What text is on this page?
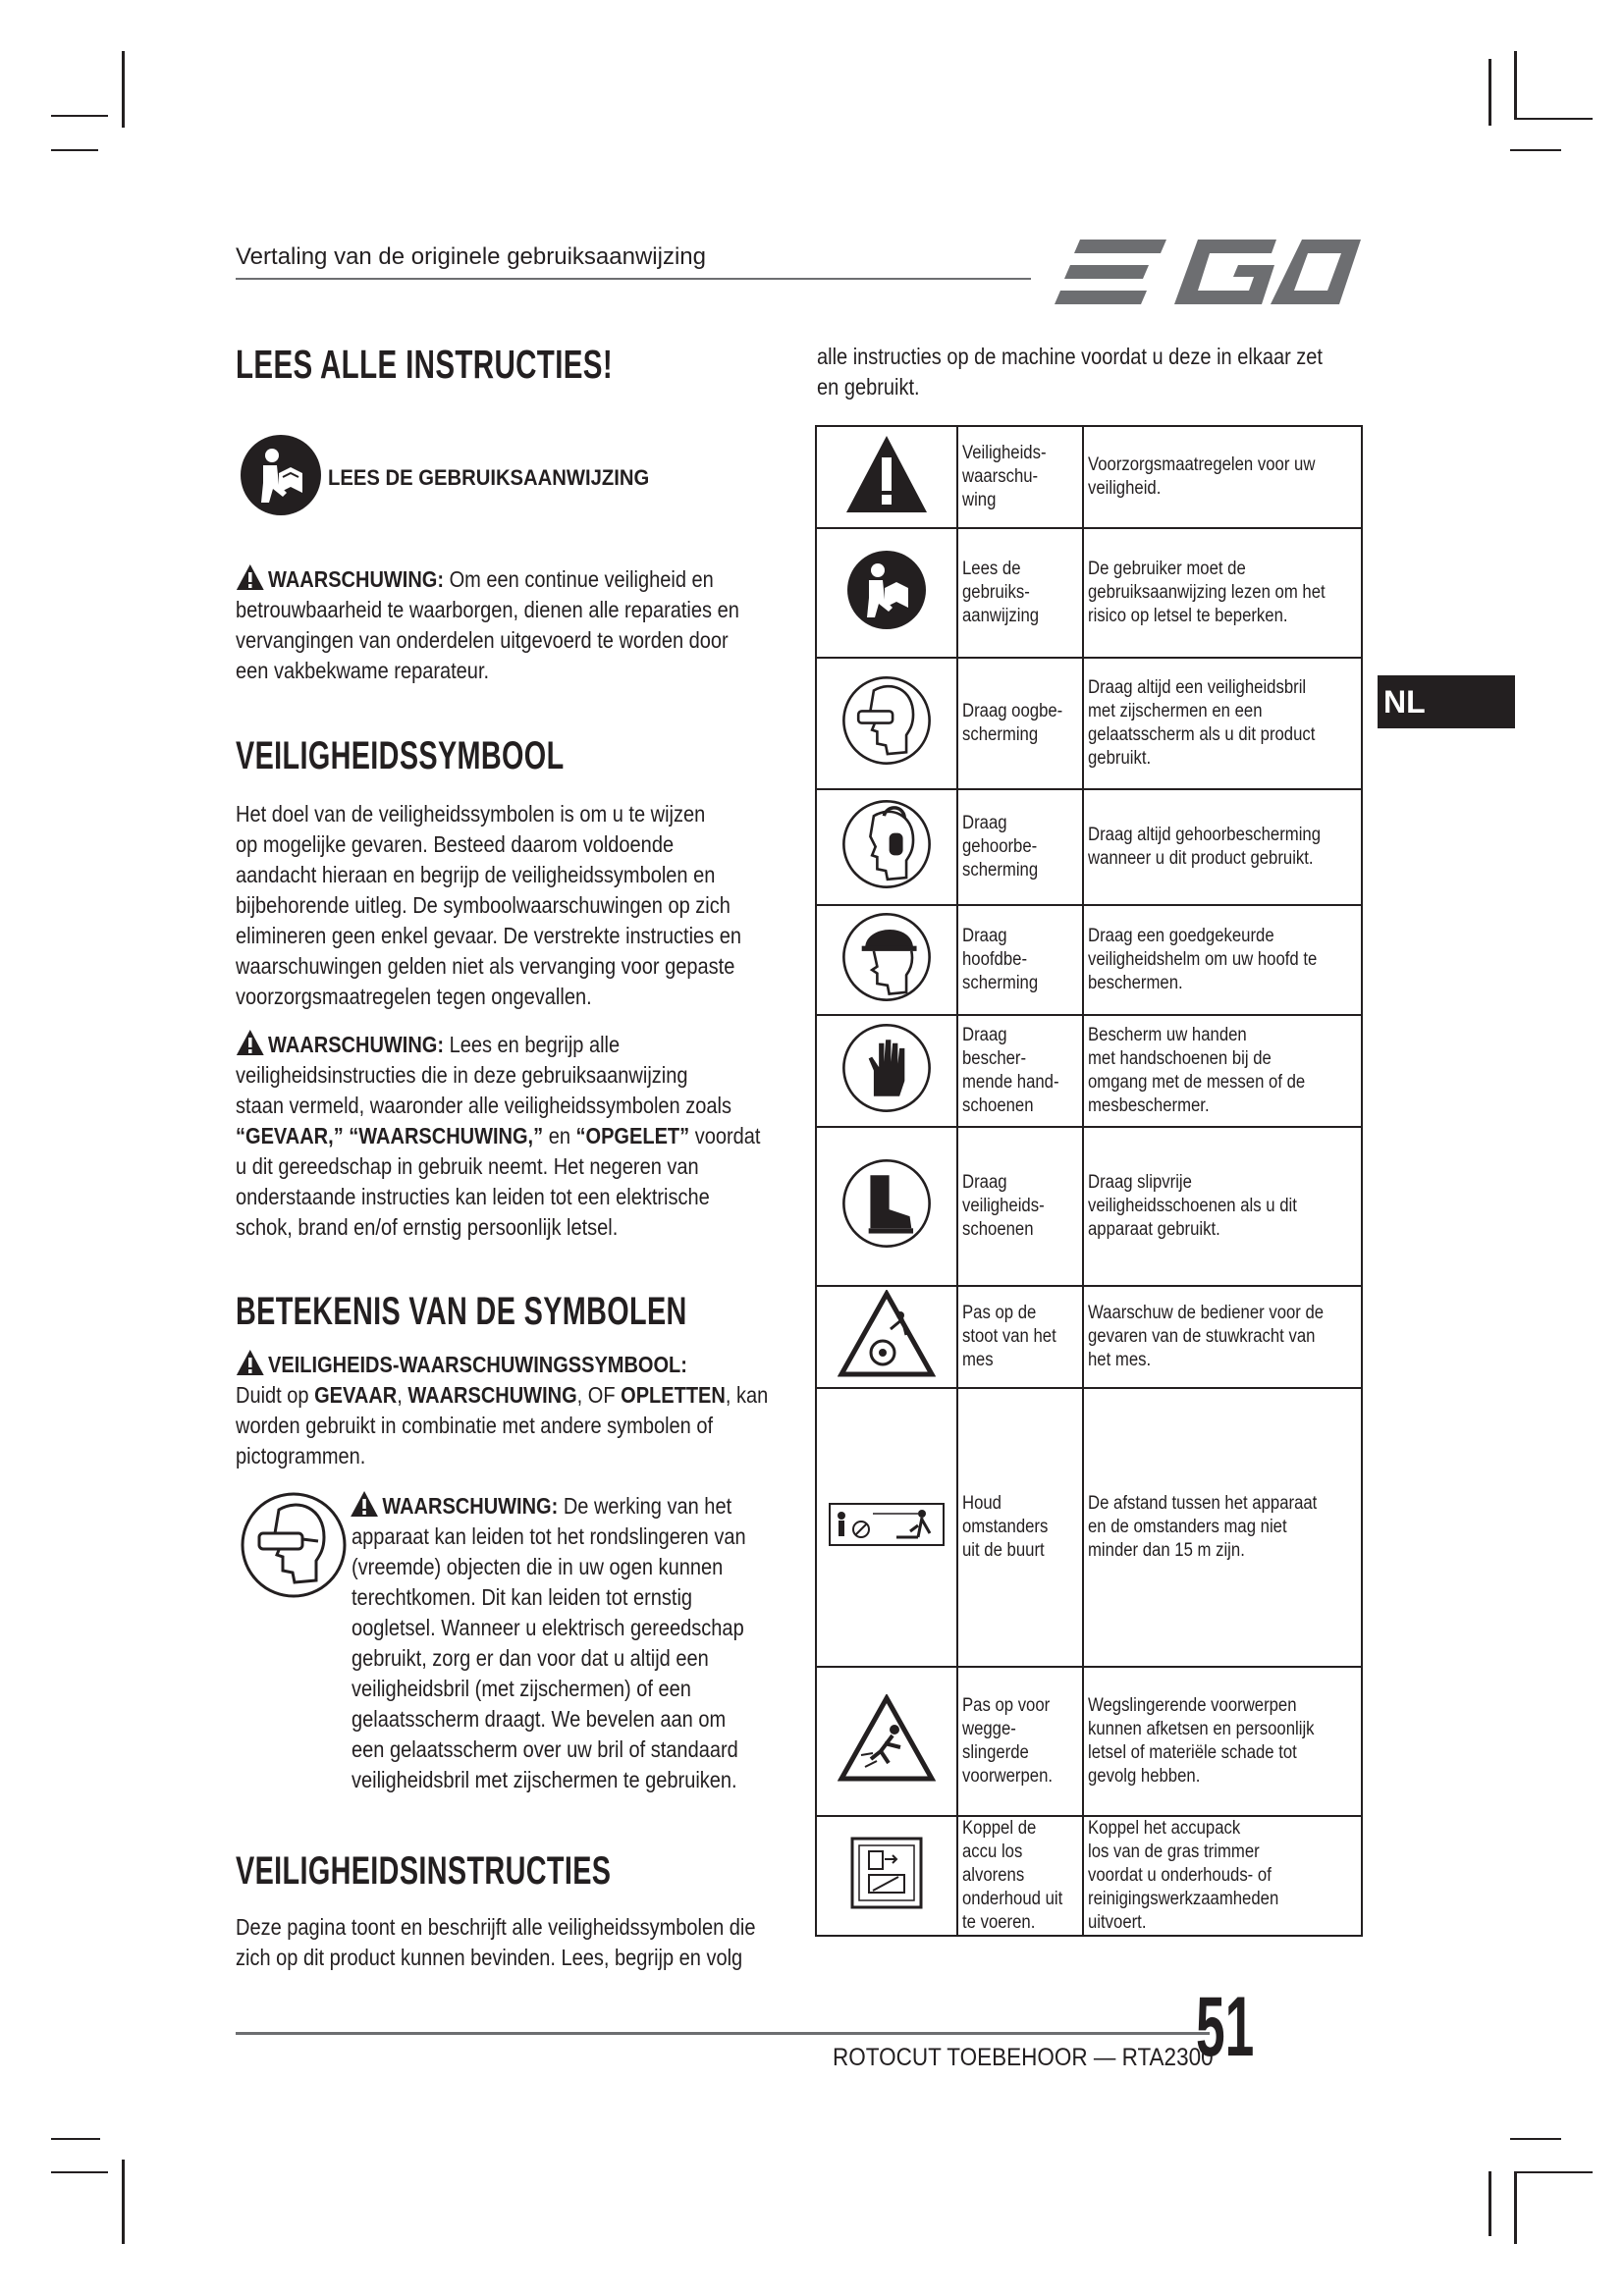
Vertaling van de originele gebruiksaanwijzing
LEES ALLE INSTRUCTIES!
LEES DE GEBRUIKSAANWIJZING
WAARSCHUWING: Om een continue veiligheid en
betrouwbaarheid te waarborgen, dienen alle reparaties en
vervangingen van onderdelen uitgevoerd te worden door
een vakbekwame reparateur.
VEILIGHEIDSSYMBOOL
Het doel van de veiligheidssymbolen is om u te wijzen
op mogelijke gevaren. Besteed daarom voldoende
aandacht hieraan en begrijp de veiligheidssymbolen en
bijbehorende uitleg. De symboolwaarschuwingen op zich
elimineren geen enkel gevaar. De verstrekte instructies en
waarschuwingen gelden niet als vervanging voor gepaste
voorzorgsmaatregelen tegen ongevallen.
WAARSCHUWING: Lees en begrijp alle
veiligheidsinstructies die in deze gebruiksaanwijzing
staan vermeld, waaronder alle veiligheidssymbolen zoals
“GEVAAR,” “WAARSCHUWING,” en “OPGELET” voordat
u dit gereedschap in gebruik neemt. Het negeren van
onderstaande instructies kan leiden tot een elektrische
schok, brand en/of ernstig persoonlijk letsel.
BETEKENIS VAN DE SYMBOLEN
VEILIGHEIDS-WAARSCHUWINGSSYMBOOL:
Duidt op GEVAAR, WAARSCHUWING, OF OPLETTEN, kan
worden gebruikt in combinatie met andere symbolen of
pictogrammen.
WAARSCHUWING: De werking van het
apparaat kan leiden tot het rondslingeren van
(vreemde) objecten die in uw ogen kunnen
terechtkomen. Dit kan leiden tot ernstig
oogletsel. Wanneer u elektrisch gereedschap
gebruikt, zorg er dan voor dat u altijd een
veiligheidsbril (met zijschermen) of een
gelaatsscherm draagt. We bevelen aan om
een gelaatsscherm over uw bril of standaard
veiligheidsbril met zijschermen te gebruiken.
VEILIGHEIDSINSTRUCTIES
Deze pagina toont en beschrijft alle veiligheidssymbolen die
zich op dit product kunnen bevinden. Lees, begrijp en volg
alle instructies op de machine voordat u deze in elkaar zet
en gebruikt.

Veiligheids-
waarschu-
wing	Voorzorgsmaatregelen voor uw
veiligheid.

Lees de
gebruiks-
aanwijzing	De gebruiker moet de
gebruiksaanwijzing lezen om het
risico op letsel te beperken.

Draag oogbe-
scherming	Draag altijd een veiligheidsbril
met zijschermen en een
gelaatsscherm als u dit product
gebruikt.

Draag
gehoorbe-
scherming	Draag altijd gehoorbescherming
wanneer u dit product gebruikt.

Draag
hoofdbe-
scherming	Draag een goedgekeurde
veiligheidshelm om uw hoofd te
beschermen.

Draag
bescher-
mende hand-
schoenen	Bescherm uw handen
met handschoenen bij de
omgang met de messen of de
mesbeschermer.

Draag
veiligheids-
schoenen	Draag slipvrije
veiligheidsschoenen als u dit
apparaat gebruikt.

Pas op de
stoot van het
mes	Waarschuw de bediener voor de
gevaren van de stuwkracht van
het mes.

Houd
omstanders
uit de buurt	De afstand tussen het apparaat
en de omstanders mag niet
minder dan 15 m zijn.

Pas op voor
wegge-
slingerde
voorwerpen.	Wegslingerende voorwerpen
kunnen afketsen en persoonlijk
letsel of materiële schade tot
gevolg hebben.

Koppel de
accu los
alvorens
onderhoud uit
te voeren.	Koppel het accupack
los van de gras trimmer
voordat u onderhouds- of
reinigingswerkzaamheden
uitvoert.
NL
ROTOCUT TOEBEHOOR — RTA2300
51
